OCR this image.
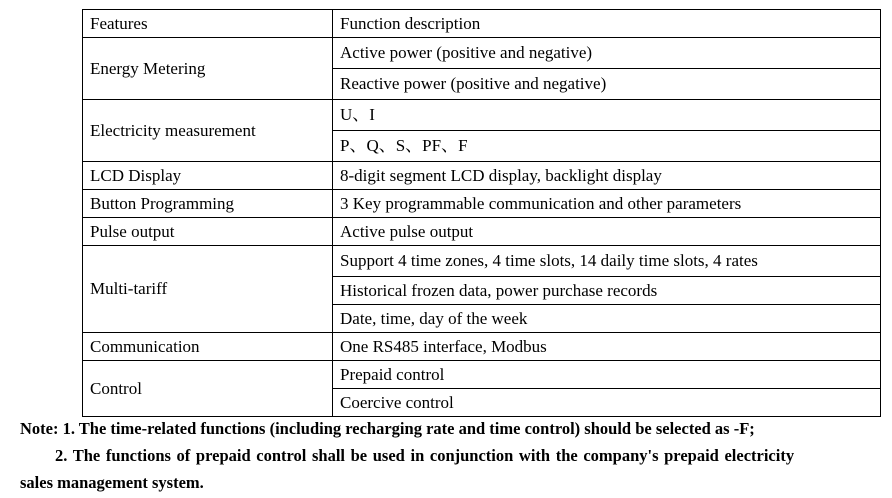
Features	Function description
Energy Metering	Active power (positive and negative)
	Reactive power (positive and negative)
Electricity measurement	U、I
	P、Q、S、PF、F
LCD Display	8-digit segment LCD display, backlight display
Button Programming	3 Key programmable communication and other parameters
Pulse output	Active pulse output
Multi-tariff	Support 4 time zones, 4 time slots, 14 daily time slots, 4 rates
	Historical frozen data, power purchase records
	Date, time, day of the week
Communication	One RS485 interface, Modbus
Control	Prepaid control
	Coercive control
Note: 1. The time-related functions (including recharging rate and time control) should be selected as -F;
2. The functions of prepaid control shall be used in conjunction with the company's prepaid electricity
sales management system.
